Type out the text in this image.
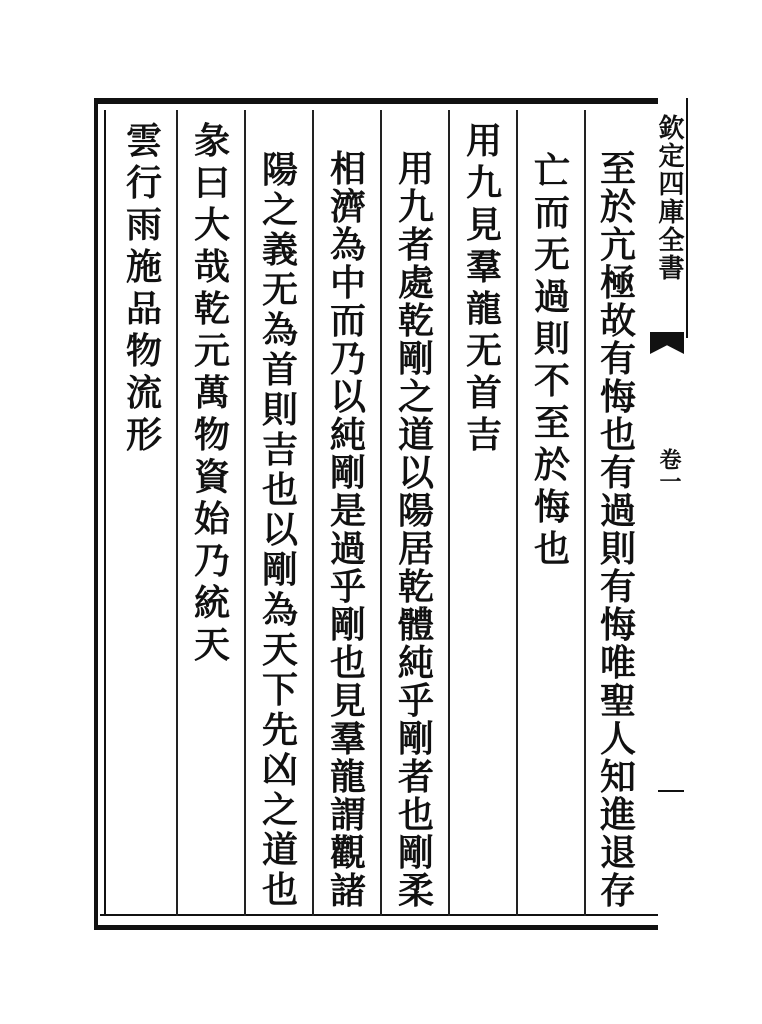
欽定四庫全書
卷一
至
於
亢
極
故
有
悔
也
有
過
則
有
悔
唯
聖
人
知
進
退
存
亡
而
无
過
則
不
至
於
悔
也
用
九
見
羣
龍
无
首
吉
用
九
者
處
乾
剛
之
道
以
陽
居
乾
體
純
乎
剛
者
也
剛
柔
相
濟
為
中
而
乃
以
純
剛
是
過
乎
剛
也
見
羣
龍
謂
觀
諸
陽
之
義
无
為
首
則
吉
也
以
剛
為
天
下
先
凶
之
道
也
彖
曰
大
哉
乾
元
萬
物
資
始
乃
統
天
雲
行
雨
施
品
物
流
形
